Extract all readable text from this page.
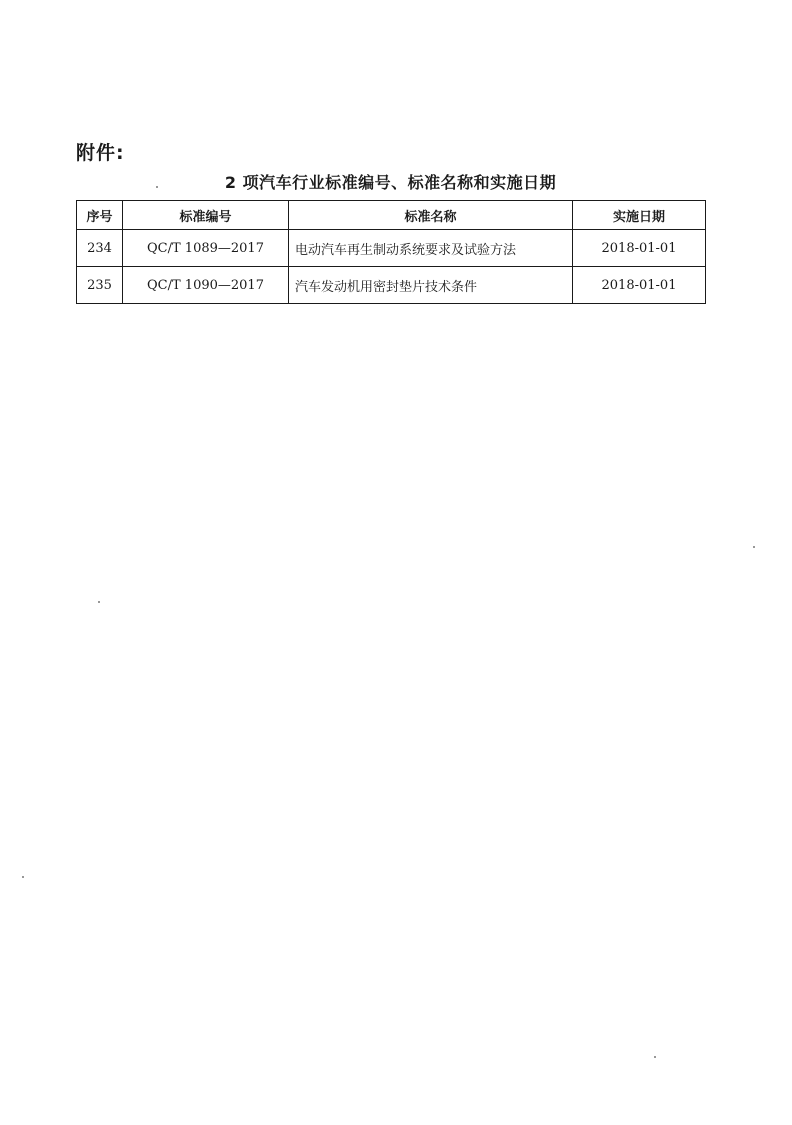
附件:
2 项汽车行业标准编号、标准名称和实施日期
序号	标准编号	标准名称	实施日期
234	QC/T 1089—2017	电动汽车再生制动系统要求及试验方法	2018-01-01
235	QC/T 1090—2017	汽车发动机用密封垫片技术条件	2018-01-01
